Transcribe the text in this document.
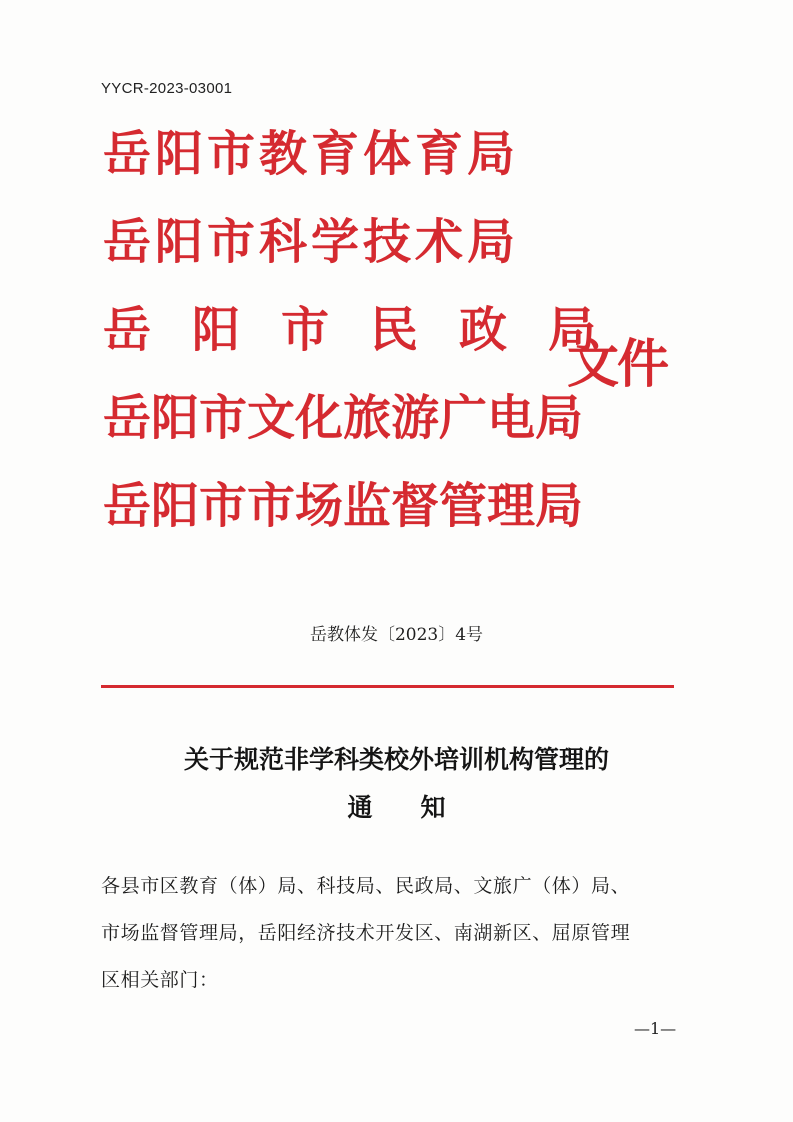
YYCR-2023-03001
岳阳市教育体育局
岳阳市科学技术局
岳阳市民政局
岳阳市文化旅游广电局
岳阳市市场监督管理局
文件
岳教体发〔2023〕4号
关于规范非学科类校外培训机构管理的
通知
各县市区教育（体）局、科技局、民政局、文旅广（体）局、
市场监督管理局，岳阳经济技术开发区、南湖新区、屈原管理
区相关部门：
—1—
